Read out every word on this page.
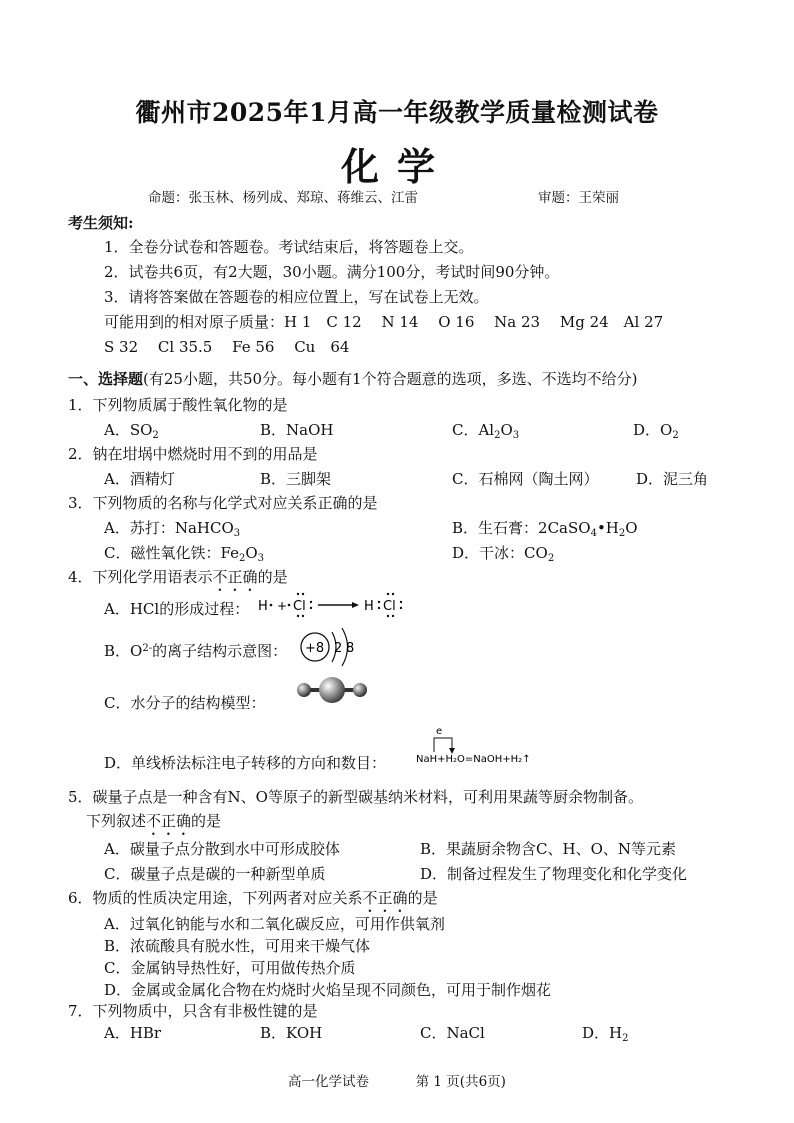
衢州市2025年1月高一年级教学质量检测试卷
化学
命题：张玉林、杨列成、郑琼、蒋维云、江雷	审题：王荣丽
考生须知:
1．全卷分试卷和答题卷。考试结束后，将答题卷上交。
2．试卷共6页，有2大题，30小题。满分100分，考试时间90分钟。
3．请将答案做在答题卷的相应位置上，写在试卷上无效。
可能用到的相对原子质量：H 1　C 12　 N 14　 O 16　 Na 23　 Mg 24　Al 27
S 32　 Cl 35.5　 Fe 56　 Cu　64
一、选择题(有25小题，共50分。每小题有1个符合题意的选项，多选、不选均不给分)
1．下列物质属于酸性氧化物的是
A．$SO_2$	B．NaOH	C．$Al_2O_3$	D．$O_2$
2．钠在坩埚中燃烧时用不到的用品是
A．酒精灯	B．三脚架	C．石棉网（陶土网）	D．泥三角
3．下列物质的名称与化学式对应关系正确的是
A．苏打：NaHCO$_3$	B．生石膏：$2CaSO_4•H_2O$
C．磁性氧化铁：$Fe_2O_3$	D．干冰：$CO_2$
4．下列化学用语表示不正确的是
A．HCl的形成过程： H + Cl	H Cl
B．$O^{2-}$的离子结构示意图： +8 2 8
C．水分子的结构模型：
D．单线桥法标注电子转移的方向和数目：
e
NaH+H₂O=NaOH+H₂↑
5．碳量子点是一种含有N、O等原子的新型碳基纳米材料，可利用果蔬等厨余物制备。
下列叙述不正确的是
A．碳量子点分散到水中可形成胶体	B．果蔬厨余物含C、H、O、N等元素
C．碳量子点是碳的一种新型单质	D．制备过程发生了物理变化和化学变化
6．物质的性质决定用途，下列两者对应关系不正确的是
A．过氧化钠能与水和二氧化碳反应，可用作供氧剂
B．浓硫酸具有脱水性，可用来干燥气体
C．金属钠导热性好，可用做传热介质
D．金属或金属化合物在灼烧时火焰呈现不同颜色，可用于制作烟花
7．下列物质中，只含有非极性键的是
A．HBr	B．KOH	C．NaCl	D．$H_2$
高一化学试卷	第 1 页(共6页)
